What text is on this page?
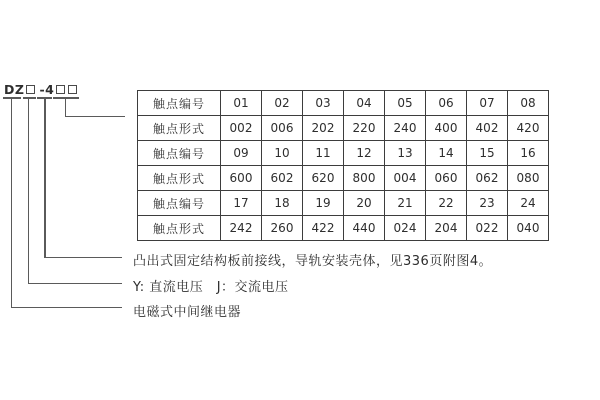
DZ -4
触点编号	01	02	03	04	05	06	07	08
触点形式	002	006	202	220	240	400	402	420
触点编号	09	10	11	12	13	14	15	16
触点形式	600	602	620	800	004	060	062	080
触点编号	17	18	19	20	21	22	23	24
触点形式	242	260	422	440	024	204	022	040
凸出式固定结构板前接线，导轨安装壳体，见336页附图4。
Y: 直流电压　J：交流电压
电磁式中间继电器
